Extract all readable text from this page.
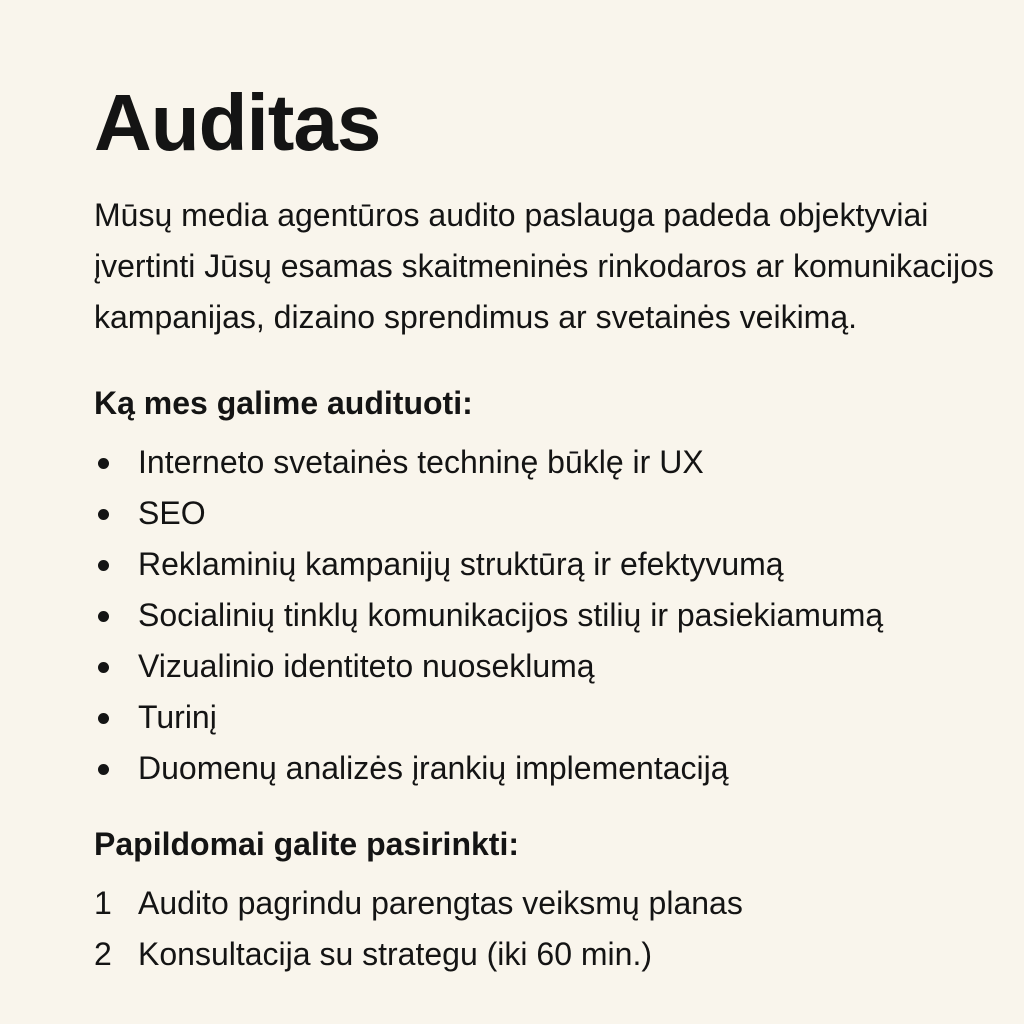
Auditas

Mūsų media agentūros audito paslauga padeda objektyviai įvertinti Jūsų esamas skaitmeninės rinkodaros ar komunikacijos kampanijas, dizaino sprendimus ar svetainės veikimą.

Ką mes galime audituoti:
Interneto svetainės techninę būklę ir UX
SEO
Reklaminių kampanijų struktūrą ir efektyvumą
Socialinių tinklų komunikacijos stilių ir pasiekiamumą
Vizualinio identiteto nuoseklumą
Turinį
Duomenų analizės įrankių implementaciją
Papildomai galite pasirinkti:
1 Audito pagrindu parengtas veiksmų planas
2 Konsultacija su strategu (iki 60 min.)
